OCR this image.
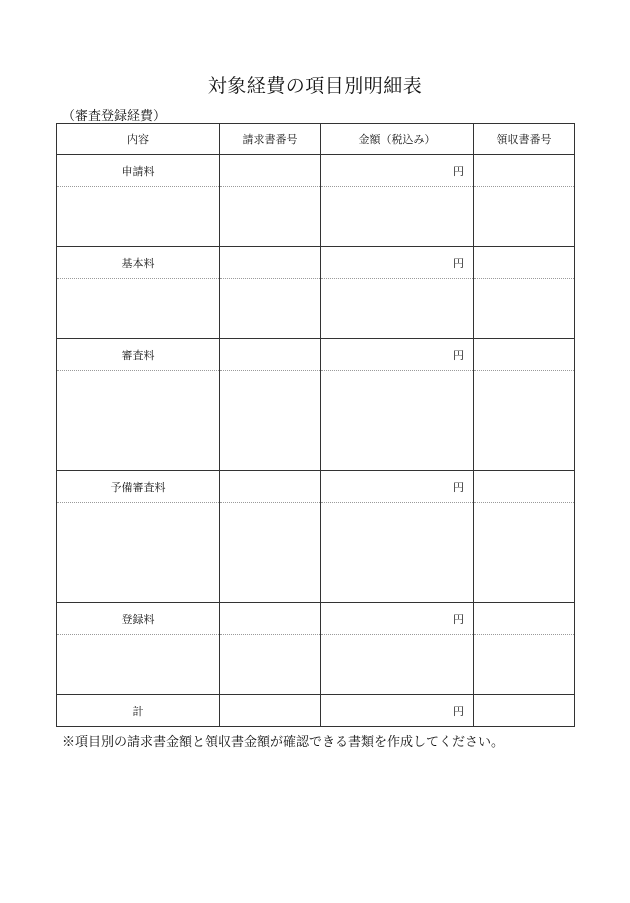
対象経費の項目別明細表
（審査登録経費）
内容	請求書番号	金額（税込み）	領収書番号
申請料		円	

基本料		円	

審査料		円	

予備審査料		円	

登録料		円	

計		円	
※項目別の請求書金額と領収書金額が確認できる書類を作成してください。
